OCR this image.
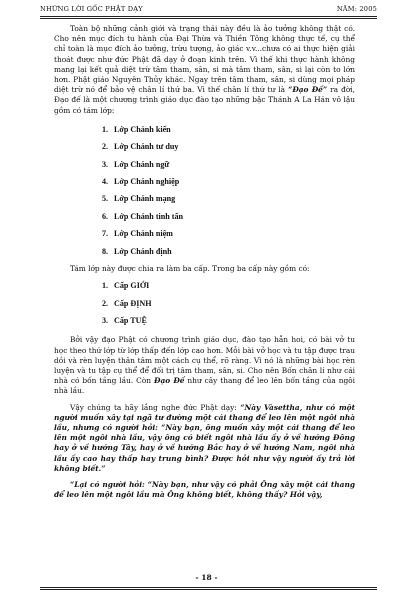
NHỮNG LỜI GỐC PHẬT DẠY	NĂM: 2005

Toàn bộ những cảnh giới và trạng thái này đều là ảo tưởng không thật có. Cho nên mục đích tu hành của Đại Thừa và Thiền Tông không thực tế, cụ thể chỉ toàn là mục đích ảo tưởng, trừu tượng, ảo giác v.v...chưa có ai thực hiện giải thoát được như đức Phật đã dạy ở đoạn kinh trên. Vì thế khi thực hành không mang lại kết quả diệt trừ tâm tham, sân, si mà tâm tham, sân, si lại còn to lớn hơn. Phật giáo Nguyên Thủy khác. Ngay trên tâm tham, sân, si dùng mọi pháp diệt trừ nó để bảo vệ chân lí thứ ba. Vì thế chân lí thứ tư là “Đạo Đế” ra đời, Đạo đế là một chương trình giáo dục đào tạo những bậc Thánh A La Hán vô lậu gồm có tám lớp:

1. Lớp Chánh kiến
2. Lớp Chánh tư duy
3. Lớp Chánh ngữ
4. Lớp Chánh nghiệp
5. Lớp Chánh mạng
6. Lớp Chánh tinh tấn
7. Lớp Chánh niệm
8. Lớp Chánh định

Tám lớp này được chia ra làm ba cấp. Trong ba cấp này gồm có:

1. Cấp GIỚI
2. Cấp ĐỊNH
3. Cấp TUỆ

Bởi vậy đạo Phật có chương trình giáo dục, đào tạo hẳn hoi, có bài vở tu học theo thứ lớp từ lớp thấp đến lớp cao hơn. Mỗi bài vở học và tu tập được trau dồi và rèn luyện thân tâm một cách cụ thể, rõ ràng. Vì nó là những bài học rèn luyện và tu tập cụ thể để đối trị tâm tham, sân, si. Cho nên Bốn chân lí như cái nhà có bốn tầng lầu. Còn Đạo Đế như cây thang để leo lên bốn tầng của ngôi nhà lầu.

Vậy chúng ta hãy lắng nghe đức Phật dạy: “Này Vàsettha, như có một người muốn xây tại ngã tư đường một cái thang để leo lên một ngôi nhà lầu, nhưng có người hỏi: “Này bạn, ông muốn xây một cái thang để leo lên một ngôi nhà lầu, vậy ông có biết ngôi nhà lầu ấy ở về hướng Đông hay ở về hướng Tây, hay ở về hướng Bắc hay ở về hướng Nam, ngôi nhà lầu ấy cao hay thấp hay trung bình? Được hỏi như vậy người ấy trả lời không biết.”

“Lại có người hỏi: “Này bạn, như vậy có phải Ông xây một cái thang để leo lên một ngôi lầu mà Ông không biết, không thấy? Hỏi vậy,

- 18 -
